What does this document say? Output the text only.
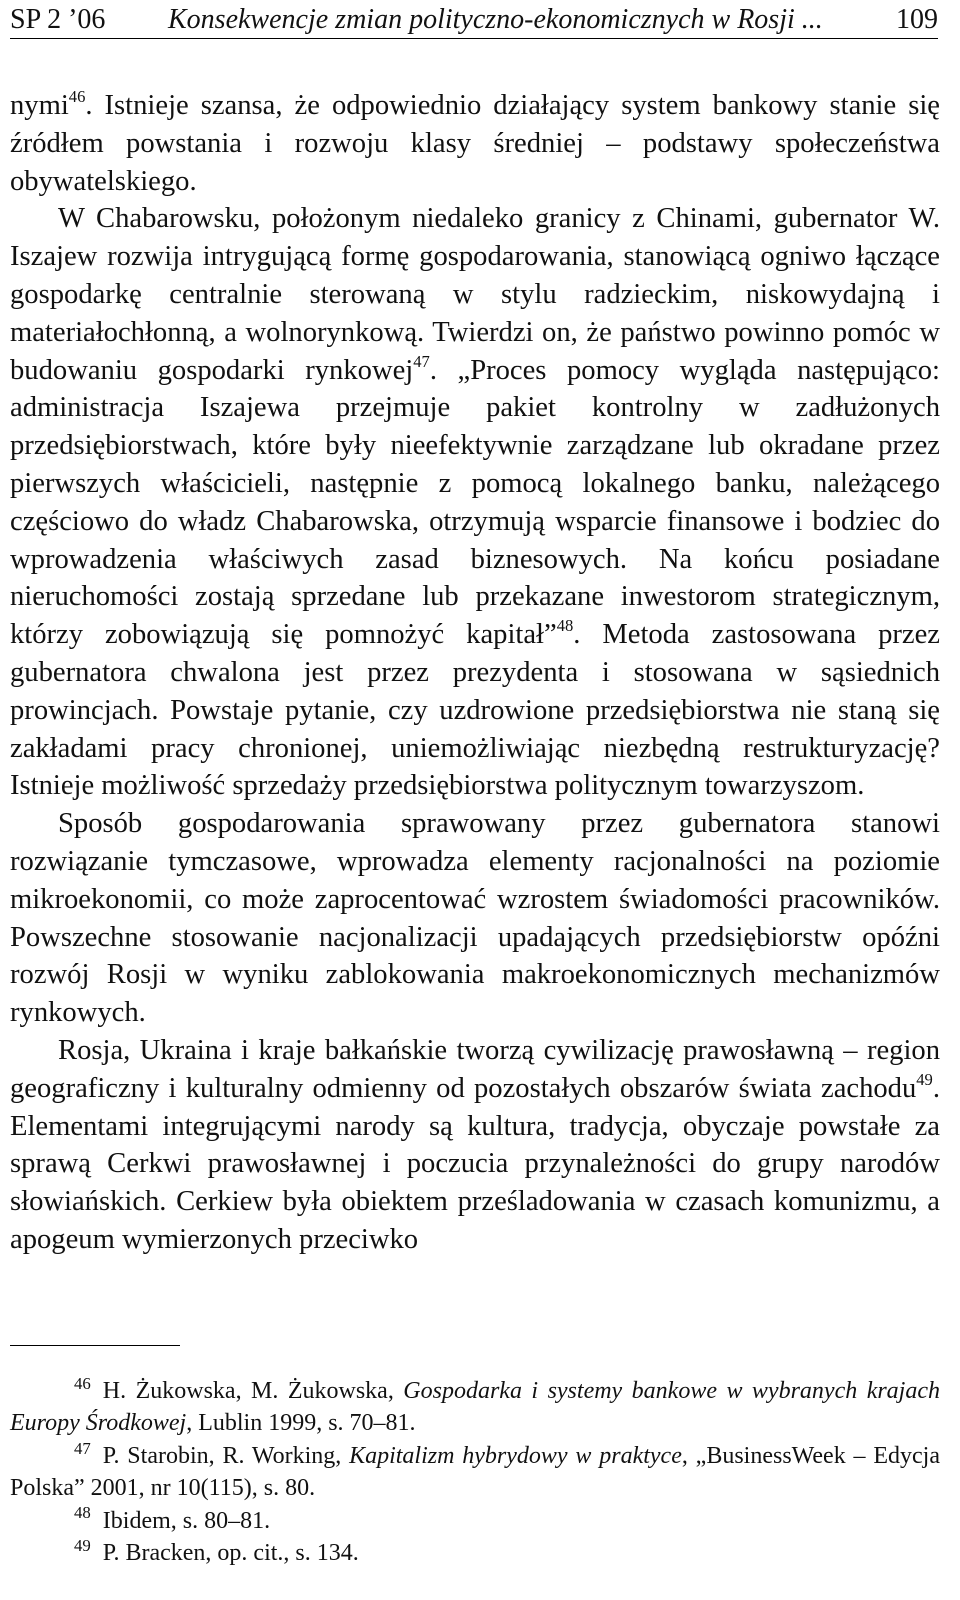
SP 2 ’06 Konsekwencje zmian polityczno-ekonomicznych w Rosji ...	109

nymi$^{46}$. Istnieje szansa, że odpowiednio działający system bankowy stanie się źródłem powstania i rozwoju klasy średniej – podstawy społeczeństwa obywatelskiego.

W Chabarowsku, położonym niedaleko granicy z Chinami, gubernator W. Iszajew rozwija intrygującą formę gospodarowania, stanowiącą ogniwo łączące gospodarkę centralnie sterowaną w stylu radzieckim, niskowydajną i materiałochłonną, a wolnorynkową. Twierdzi on, że państwo powinno pomóc w budowaniu gospodarki rynkowej$^{47}$. „Proces pomocy wygląda następująco: administracja Iszajewa przejmuje pakiet kontrolny w zadłużonych przedsiębiorstwach, które były nieefektywnie zarządzane lub okradane przez pierwszych właścicieli, następnie z pomocą lokalnego banku, należącego częściowo do władz Chabarowska, otrzymują wsparcie finansowe i bodziec do wprowadzenia właściwych zasad biznesowych. Na końcu posiadane nieruchomości zostają sprzedane lub przekazane inwestorom strategicznym, którzy zobowiązują się pomnożyć kapitał”$^{48}$. Metoda zastosowana przez gubernatora chwalona jest przez prezydenta i stosowana w sąsiednich prowincjach. Powstaje pytanie, czy uzdrowione przedsiębiorstwa nie staną się zakładami pracy chronionej, uniemożliwiając niezbędną restrukturyzację? Istnieje możliwość sprzedaży przedsiębiorstwa politycznym towarzyszom.

Sposób gospodarowania sprawowany przez gubernatora stanowi rozwiązanie tymczasowe, wprowadza elementy racjonalności na poziomie mikroekonomii, co może zaprocentować wzrostem świadomości pracowników. Powszechne stosowanie nacjonalizacji upadających przedsiębiorstw opóźni rozwój Rosji w wyniku zablokowania makroekonomicznych mechanizmów rynkowych.

Rosja, Ukraina i kraje bałkańskie tworzą cywilizację prawosławną – region geograficzny i kulturalny odmienny od pozostałych obszarów świata zachodu$^{49}$. Elementami integrującymi narody są kultura, tradycja, obyczaje powstałe za sprawą Cerkwi prawosławnej i poczucia przynależności do grupy narodów słowiańskich. Cerkiew była obiektem prześladowania w czasach komunizmu, a apogeum wymierzonych przeciwko

46 H. Żukowska, M. Żukowska, Gospodarka i systemy bankowe w wybranych krajach Europy Środkowej, Lublin 1999, s. 70–81.

47 P. Starobin, R. Working, Kapitalizm hybrydowy w praktyce, „BusinessWeek – Edycja Polska” 2001, nr 10(115), s. 80.

48 Ibidem, s. 80–81.

49 P. Bracken, op. cit., s. 134.
